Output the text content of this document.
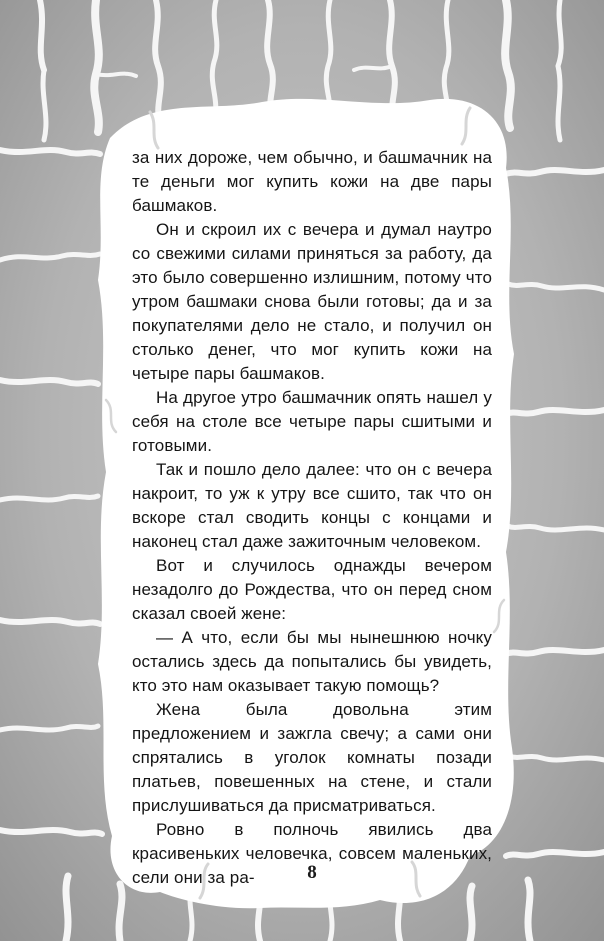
за них дороже, чем обычно, и башмачник на те деньги мог купить кожи на две пары башмаков.

Он и скроил их с вечера и думал наутро со свежими силами приняться за работу, да это было совершенно излишним, потому что утром башмаки снова были готовы; да и за покупателями дело не стало, и получил он столько денег, что мог купить кожи на четыре пары башмаков.

На другое утро башмачник опять нашел у себя на столе все четыре пары сшитыми и готовыми.

Так и пошло дело далее: что он с вечера накроит, то уж к утру все сшито, так что он вскоре стал сводить концы с концами и наконец стал даже зажиточным человеком.

Вот и случилось однажды вечером незадолго до Рождества, что он перед сном сказал своей жене:

— А что, если бы мы нынешнюю ночку остались здесь да попытались бы увидеть, кто это нам оказывает такую помощь?

Жена была довольна этим предложением и зажгла свечу; а сами они спрятались в уголок комнаты позади платьев, повешенных на стене, и стали прислушиваться да присматриваться.

Ровно в полночь явились два красивеньких человечка, совсем маленьких, сели они за ра-	8
